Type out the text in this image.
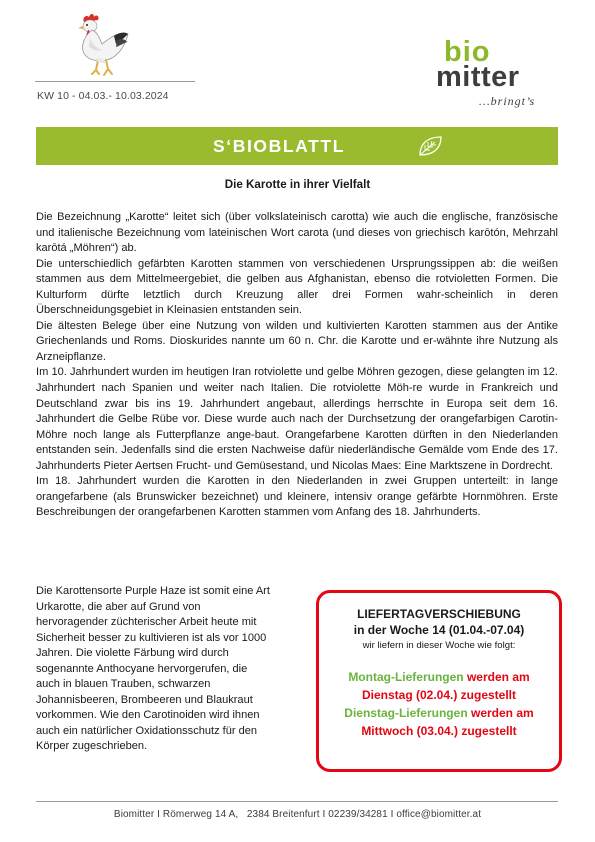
KW 10 - 04.03.- 10.03.2024
bio
mitter
…bringt’s
S‘BIOBLATTL
Die Karotte in ihrer Vielfalt

Die Bezeichnung „Karotte“ leitet sich (über volkslateinisch carotta) wie auch die englische, französische und italienische Bezeichnung vom lateinischen Wort carota (und dieses von griechisch karōtón, Mehrzahl karōtá „Möhren“) ab.

Die unterschiedlich gefärbten Karotten stammen von verschiedenen Ursprungssippen ab: die weißen stammen aus dem Mittelmeergebiet, die gelben aus Afghanistan, ebenso die rotvioletten Formen. Die Kulturform dürfte letztlich durch Kreuzung aller drei Formen wahr-scheinlich in deren Überschneidungsgebiet in Kleinasien entstanden sein.

Die ältesten Belege über eine Nutzung von wilden und kultivierten Karotten stammen aus der Antike Griechenlands und Roms. Dioskurides nannte um 60 n. Chr. die Karotte und er-wähnte ihre Nutzung als Arzneipflanze.

Im 10. Jahrhundert wurden im heutigen Iran rotviolette und gelbe Möhren gezogen, diese gelangten im 12. Jahrhundert nach Spanien und weiter nach Italien. Die rotviolette Möh-re wurde in Frankreich und Deutschland zwar bis ins 19. Jahrhundert angebaut, allerdings herrschte in Europa seit dem 16. Jahrhundert die Gelbe Rübe vor. Diese wurde auch nach der Durchsetzung der orangefarbigen Carotin-Möhre noch lange als Futterpflanze ange-baut. Orangefarbene Karotten dürften in den Niederlanden entstanden sein. Jedenfalls sind die ersten Nachweise dafür niederländische Gemälde vom Ende des 17. Jahrhunderts Pieter Aertsen Frucht- und Gemüsestand, und Nicolas Maes: Eine Marktszene in Dordrecht.

Im 18. Jahrhundert wurden die Karotten in den Niederlanden in zwei Gruppen unterteilt: in lange orangefarbene (als Brunswicker bezeichnet) und kleinere, intensiv orange gefärbte Hornmöhren. Erste Beschreibungen der orangefarbenen Karotten stammen vom Anfang des 18. Jahrhunderts.

Die Karottensorte Purple Haze ist somit eine Art
Urkarotte, die aber auf Grund von
hervoragender züchterischer Arbeit heute mit
Sicherheit besser zu kultivieren ist als vor 1000
Jahren. Die violette Färbung wird durch
sogenannte Anthocyane hervorgerufen, die
auch in blauen Trauben, schwarzen
Johannisbeeren, Brombeeren und Blaukraut
vorkommen. Wie den Carotinoiden wird ihnen
auch ein natürlicher Oxidationsschutz für den
Körper zugeschrieben.
LIEFERTAGVERSCHIEBUNG
in der Woche 14 (01.04.-07.04)
wir liefern in dieser Woche wie folgt:
Montag-Lieferungen werden am
Dienstag (02.04.) zugestellt
Dienstag-Lieferungen werden am
Mittwoch (03.04.) zugestellt
Biomitter I Römerweg 14 A,   2384 Breitenfurt I 02239/34281 I office@biomitter.at
